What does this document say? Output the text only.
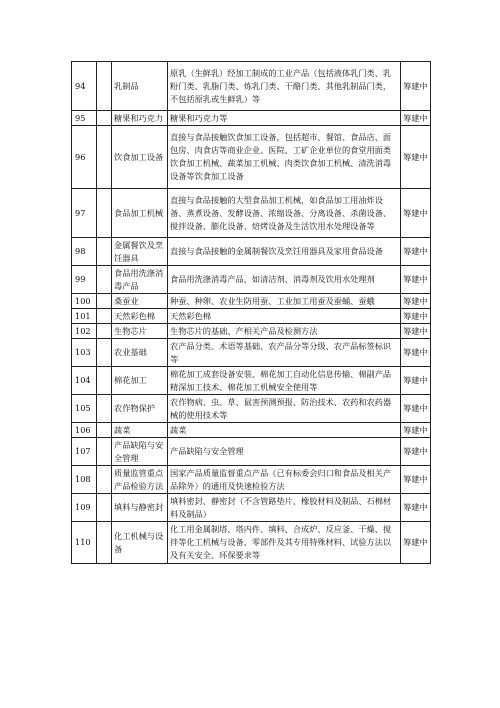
94		乳制品	原乳（生鲜乳）经加工制成的工业产品（包括液体乳门类、乳粉门类、乳脂门类、炼乳门类、干酪门类、其他乳制品门类，不包括原乳或生鲜乳）等	筹建中
95		糖果和巧克力	糖果和巧克力等	筹建中
96		饮食加工设备	直接与食品接触饮食加工设备，包括超市、餐馆、食品店、面包房、肉食店等商业企业、医院、工矿企业单位的食堂用面类饮食加工机械、蔬菜加工机械、肉类饮食加工机械、清洗消毒设备等饮食加工设备	筹建中
97		食品加工机械	直接与食品接触的大型食品加工机械，如食品加工用油炸设备、蒸煮设备、发酵设备、浓缩设备、分离设备、杀菌设备、搅拌设备、膨化设备、焙烤设备及生活饮用水处理设备等	筹建中
98		金属餐饮及烹饪器具	直接与食品接触的金属制餐饮及烹饪用器具及家用食品设备	筹建中
99		食品用洗涤消毒产品	食品用洗涤消毒产品，如清洁剂、消毒剂及饮用水处理剂	筹建中
100		桑蚕业	种蚕、种卵、农业生防用蚕、工业加工用蚕及蚕蛹、蚕蛾	筹建中
101		天然彩色棉	天然彩色棉	筹建中
102		生物芯片	生物芯片的基础、产相关产品及检测方法	筹建中
103		农业基础	农产品分类、术语等基础、农产品分等分级、农产品标签标识等	筹建中
104		棉花加工	棉花加工成套设备安装、棉花加工自动化信息传输、棉副产品精深加工技术、棉花加工机械安全使用等	筹建中
105		农作物保护	农作物病、虫、草、鼠害预测预报、防治技术、农药和农药器械的使用技术等	筹建中
106		蔬菜	蔬菜	筹建中
107		产品缺陷与安全管理	产品缺陷与安全管理	筹建中
108		质量监管重点产品检验方法	国家产品质量监督重点产品（已有标委会归口和食品及相关产品除外）的通用及快速检验方法	筹建中
109		填料与静密封	填料密封、静密封（不含管路垫片、橡胶材料及制品、石棉材料及制品）	筹建中
110		化工机械与设备	化工用金属制塔、塔内件、填料、合成炉、反应釜、干燥、搅拌等化工机械与设备、零部件及其专用特殊材料、试验方法以及有关安全、环保要求等	筹建中
